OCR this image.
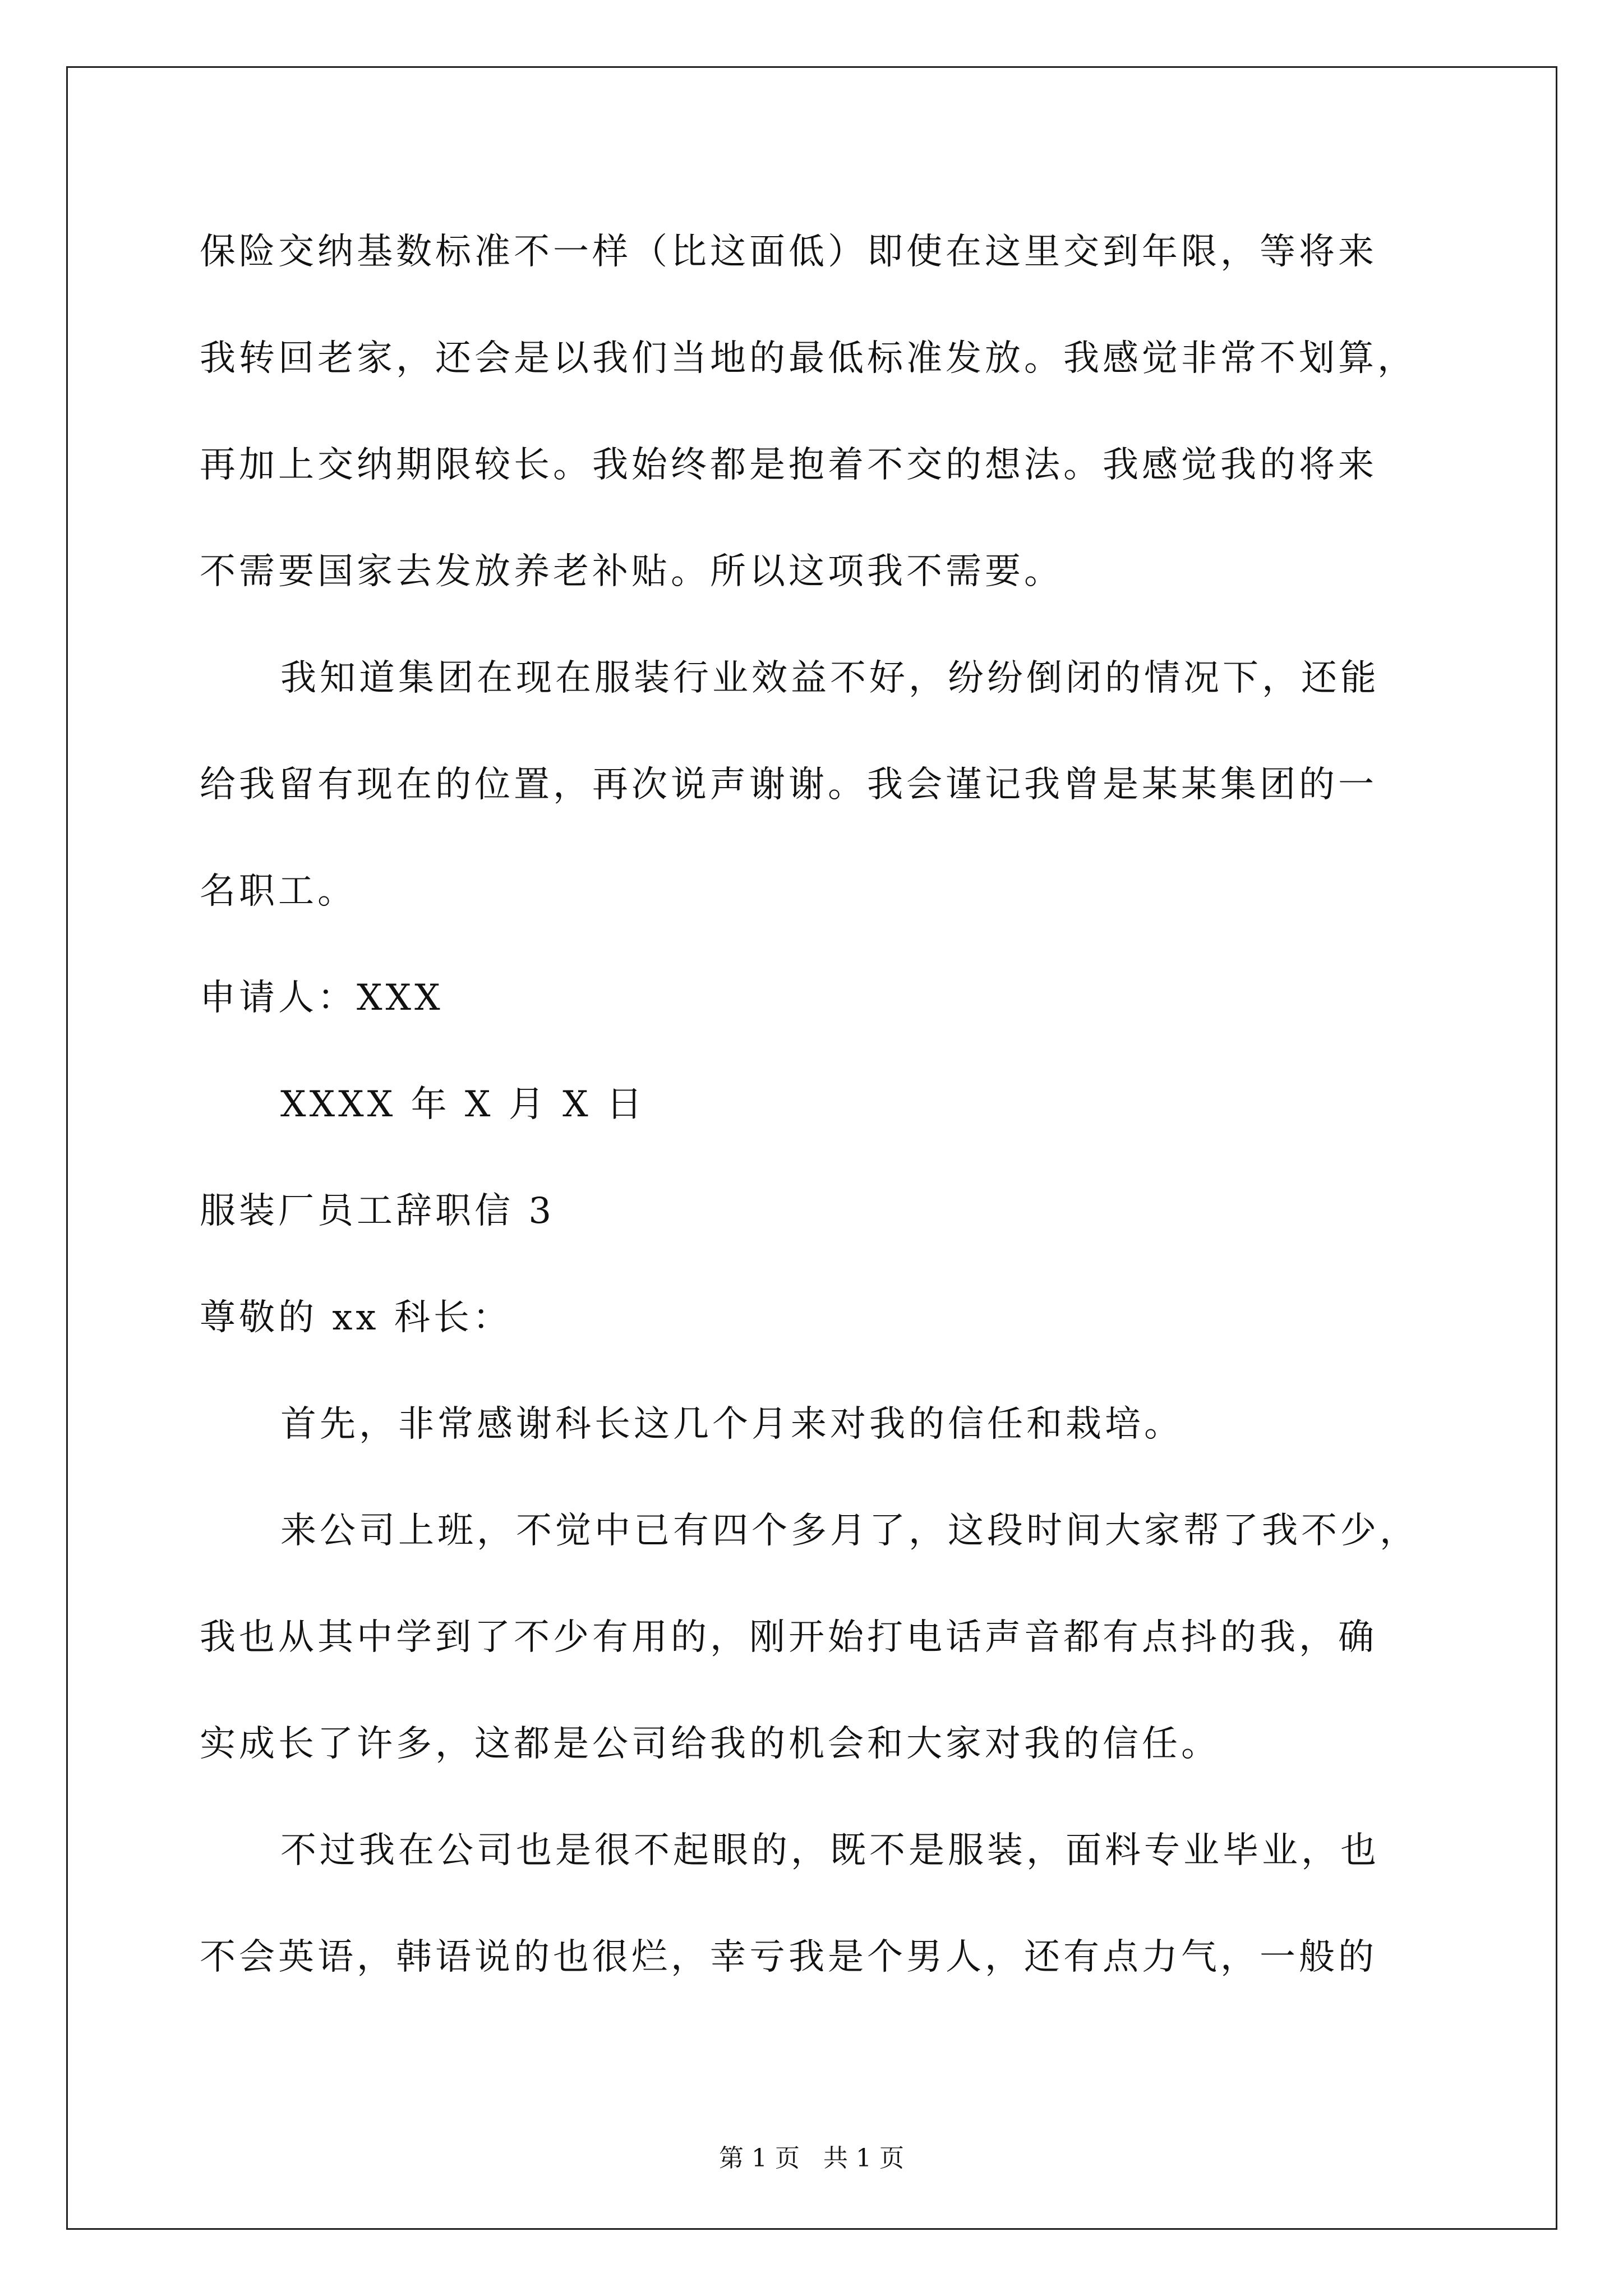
保险交纳基数标准不一样（比这面低）即使在这里交到年限，等将来
我转回老家，还会是以我们当地的最低标准发放。我感觉非常不划算，
再加上交纳期限较长。我始终都是抱着不交的想法。我感觉我的将来
不需要国家去发放养老补贴。所以这项我不需要。
我知道集团在现在服装行业效益不好，纷纷倒闭的情况下，还能
给我留有现在的位置，再次说声谢谢。我会谨记我曾是某某集团的一
名职工。
申请人：XXX
XXXX 年 X 月 X 日
服装厂员工辞职信 3
尊敬的 xx 科长：
首先，非常感谢科长这几个月来对我的信任和栽培。
来公司上班，不觉中已有四个多月了，这段时间大家帮了我不少，
我也从其中学到了不少有用的，刚开始打电话声音都有点抖的我，确
实成长了许多，这都是公司给我的机会和大家对我的信任。
不过我在公司也是很不起眼的，既不是服装，面料专业毕业，也
不会英语，韩语说的也很烂，幸亏我是个男人，还有点力气，一般的
第 1 页   共 1 页
